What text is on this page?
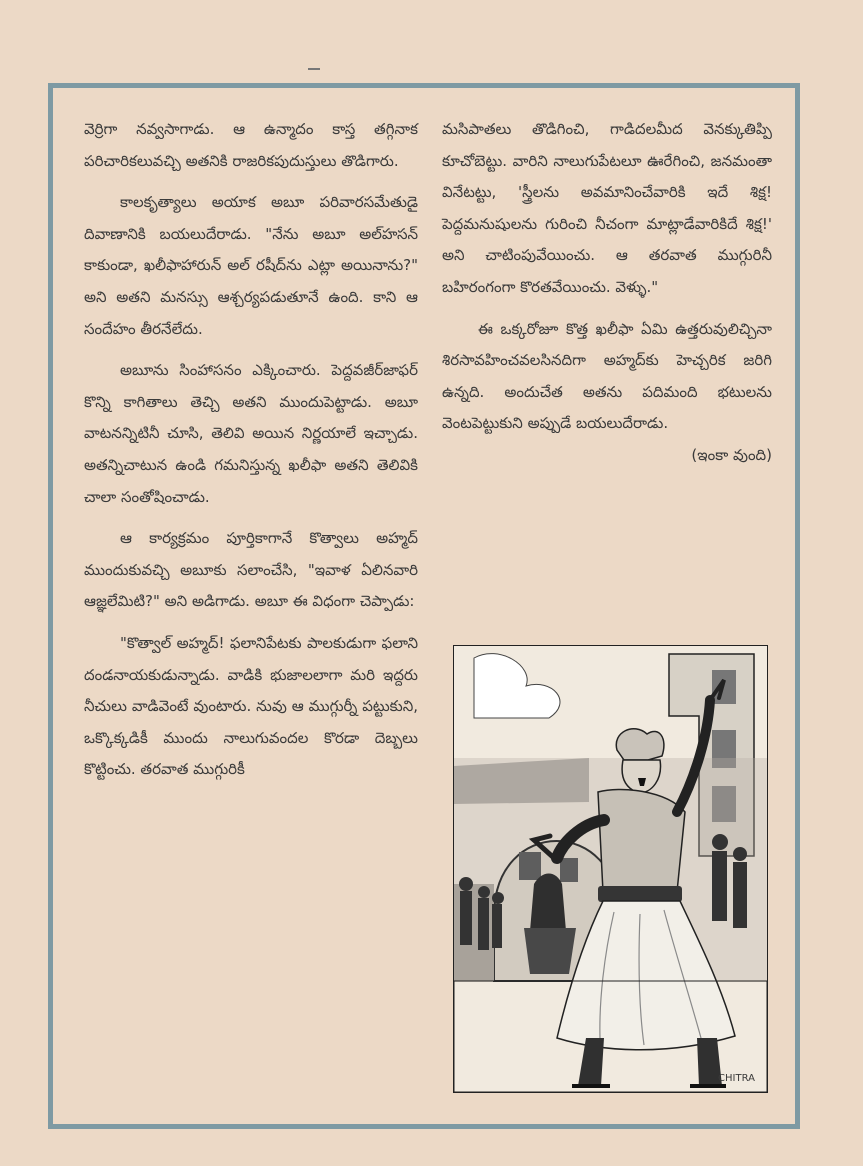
వెర్రిగా నవ్వసాగాడు. ఆ ఉన్మాదం కాస్త తగ్గినాక పరిచారికలువచ్చి అతనికి రాజరికపుదుస్తులు తొడిగారు.

కాలకృత్యాలు అయాక అబూ పరివారసమేతుడై దివాణానికి బయలుదేరాడు. "నేను అబూ అల్‌హసన్ కాకుండా, ఖలీఫాహారున్ అల్ రషీద్‌ను ఎట్లా అయినాను?" అని అతని మనస్సు ఆశ్చర్యపడుతూనే ఉంది. కాని ఆ సందేహం తీరనేలేదు.

అబూను సింహాసనం ఎక్కించారు. పెద్దవజీర్‌జాఫర్ కొన్ని కాగితాలు తెచ్చి అతని ముందుపెట్టాడు. అబూ వాటనన్నిటినీ చూసి, తెలివి అయిన నిర్ణయాలే ఇచ్చాడు. అతన్నిచాటున ఉండి గమనిస్తున్న ఖలీఫా అతని తెలివికి చాలా సంతోషించాడు.

ఆ కార్యక్రమం పూర్తికాగానే కొత్వాలు అహ్మద్ ముందుకువచ్చి అబూకు సలాంచేసి, "ఇవాళ ఏలినవారి ఆజ్ఞలేమిటి?" అని అడిగాడు. అబూ ఈ విధంగా చెప్పాడు:

"కొత్వాల్ అహ్మద్! ఫలానిపేటకు పాలకుడుగా ఫలాని దండనాయకుడున్నాడు. వాడికి భుజాలలాగా మరి ఇద్దరు నీచులు వాడివెంటే వుంటారు. నువు ఆ ముగ్గుర్నీ పట్టుకుని, ఒక్కొక్కడికీ ముందు నాలుగువందల కొరడా దెబ్బలు కొట్టించు. తరవాత ముగ్గురికీ

మసిపాతలు తొడిగించి, గాడిదలమీద వెనక్కుతిప్పి కూచోబెట్టు. వారిని నాలుగుపేటలూ ఊరేగించి, జనమంతా వినేటట్టు, 'స్త్రీలను అవమానించేవారికి ఇదే శిక్ష! పెద్దమనుషులను గురించి నీచంగా మాట్లాడేవారికిదే శిక్ష!' అని చాటింపువేయించు. ఆ తరవాత ముగ్గురినీ బహిరంగంగా కొరతవేయించు. వెళ్ళు."

ఈ ఒక్కరోజూ కొత్త ఖలీఫా ఏమి ఉత్తరువులిచ్చినా శిరసావహించవలసినదిగా అహ్మద్‌కు హెచ్చరిక జరిగి ఉన్నది. అందుచేత అతను పదిమంది భటులను వెంటపెట్టుకుని అప్పుడే బయలుదేరాడు.
(ఇంకా వుంది)

CHITRA
